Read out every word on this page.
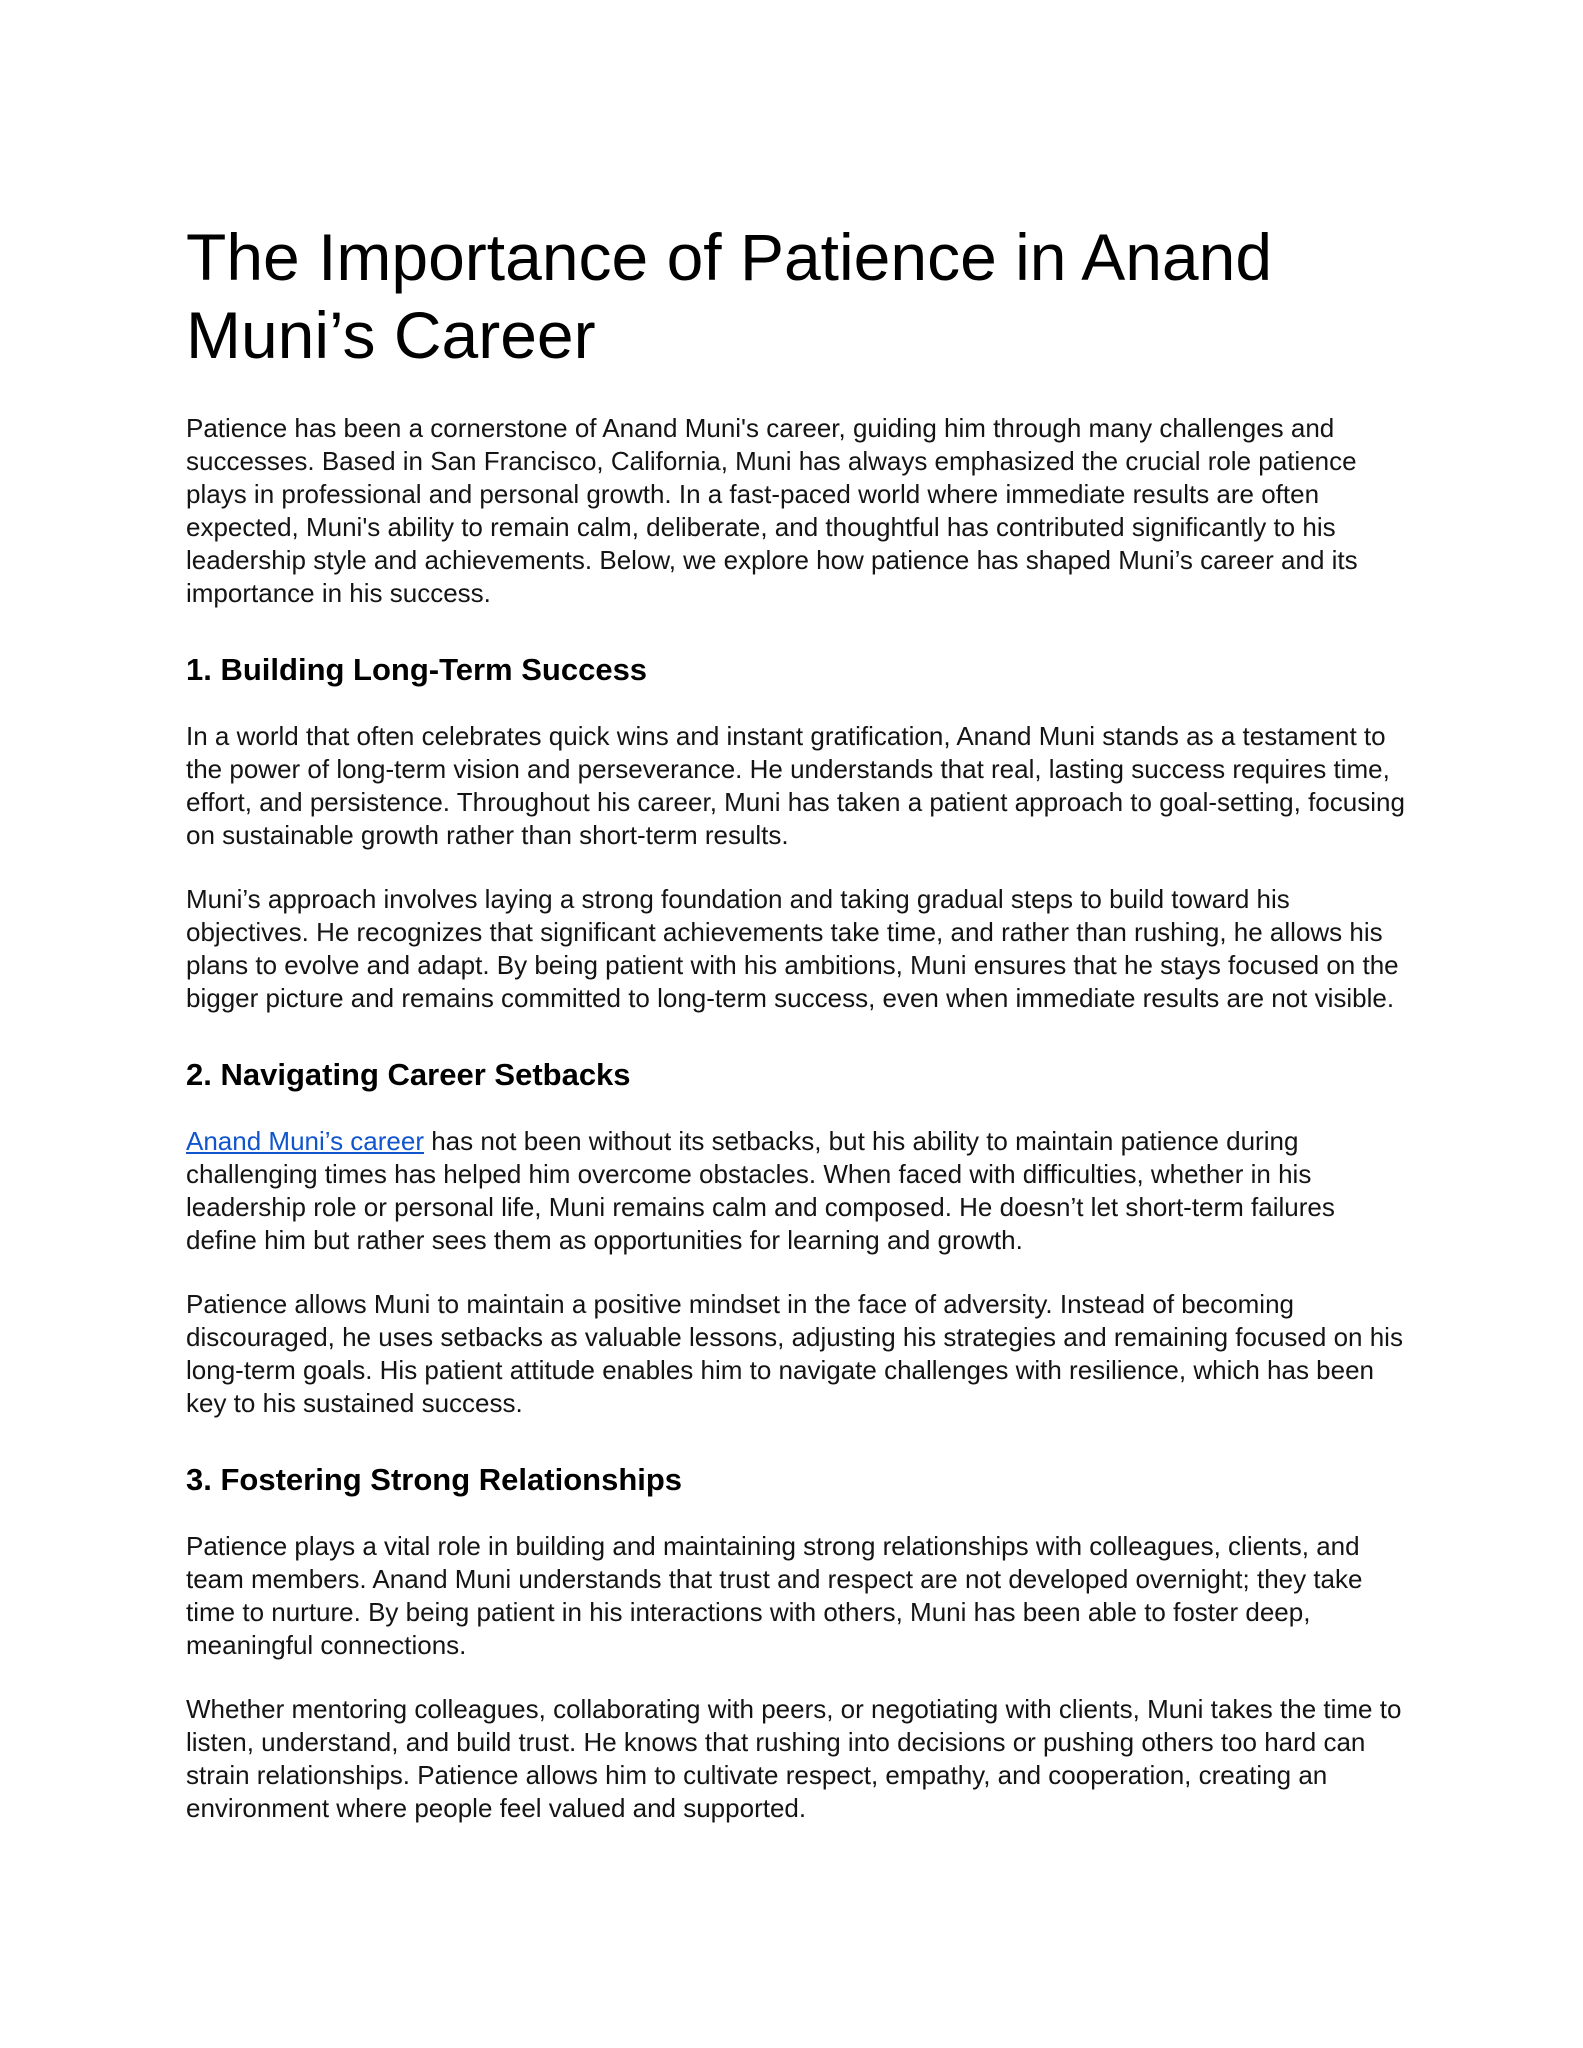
The Importance of Patience in Anand Muni’s Career

Patience has been a cornerstone of Anand Muni's career, guiding him through many challenges and successes. Based in San Francisco, California, Muni has always emphasized the crucial role patience plays in professional and personal growth. In a fast-paced world where immediate results are often expected, Muni's ability to remain calm, deliberate, and thoughtful has contributed significantly to his leadership style and achievements. Below, we explore how patience has shaped Muni’s career and its importance in his success.

1. Building Long-Term Success

In a world that often celebrates quick wins and instant gratification, Anand Muni stands as a testament to the power of long-term vision and perseverance. He understands that real, lasting success requires time, effort, and persistence. Throughout his career, Muni has taken a patient approach to goal-setting, focusing on sustainable growth rather than short-term results.

Muni’s approach involves laying a strong foundation and taking gradual steps to build toward his objectives. He recognizes that significant achievements take time, and rather than rushing, he allows his plans to evolve and adapt. By being patient with his ambitions, Muni ensures that he stays focused on the bigger picture and remains committed to long-term success, even when immediate results are not visible.

2. Navigating Career Setbacks

Anand Muni’s career has not been without its setbacks, but his ability to maintain patience during challenging times has helped him overcome obstacles. When faced with difficulties, whether in his leadership role or personal life, Muni remains calm and composed. He doesn’t let short-term failures define him but rather sees them as opportunities for learning and growth.

Patience allows Muni to maintain a positive mindset in the face of adversity. Instead of becoming discouraged, he uses setbacks as valuable lessons, adjusting his strategies and remaining focused on his long-term goals. His patient attitude enables him to navigate challenges with resilience, which has been key to his sustained success.

3. Fostering Strong Relationships

Patience plays a vital role in building and maintaining strong relationships with colleagues, clients, and team members. Anand Muni understands that trust and respect are not developed overnight; they take time to nurture. By being patient in his interactions with others, Muni has been able to foster deep, meaningful connections.

Whether mentoring colleagues, collaborating with peers, or negotiating with clients, Muni takes the time to listen, understand, and build trust. He knows that rushing into decisions or pushing others too hard can strain relationships. Patience allows him to cultivate respect, empathy, and cooperation, creating an environment where people feel valued and supported.
